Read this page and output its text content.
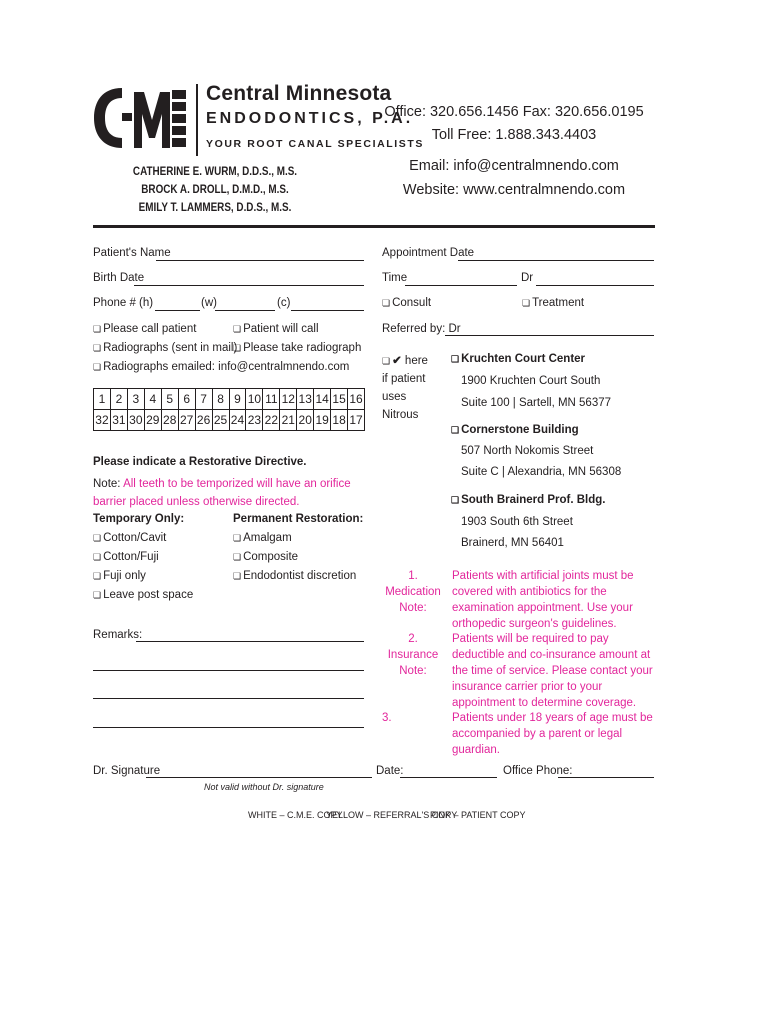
Central Minnesota
ENDODONTICS, P.A.
YOUR ROOT CANAL SPECIALISTS
CATHERINE E. WURM, D.D.S., M.S.
BROCK A. DROLL, D.M.D., M.S.
EMILY T. LAMMERS, D.D.S., M.S.
Office: 320.656.1456 Fax: 320.656.0195
Toll Free: 1.888.343.4403
Email: info@centralmnendo.com
Website: www.centralmnendo.com
Patient's Name
Birth Date
Phone # (h)	(w)	(c)
❏ Please call patient	❏ Patient will call
❏ Radiographs (sent in mail) ❏ Please take radiograph
❏ Radiographs emailed: info@centralmnendo.com
1	2	3	4	5	6	7	8	9	10	11	12	13	14	15	16
32	31	30	29	28	27	26	25	24	23	22	21	20	19	18	17
Please indicate a Restorative Directive.
Note: All teeth to be temporized will have an orifice barrier placed unless otherwise directed.
Temporary Only:
❏ Cotton/Cavit
❏ Cotton/Fuji
❏ Fuji only
❏ Leave post space
Permanent Restoration:
❏ Amalgam
❏ Composite
❏ Endodontist discretion
Remarks:
Appointment Date
Time	Dr
❏ Consult	❏ Treatment
Referred by: Dr
❏ ✔ here
if patient
uses
Nitrous
❏ Kruchten Court Center
1900 Kruchten Court South
Suite 100 | Sartell, MN 56377
❏ Cornerstone Building
507 North Nokomis Street
Suite C | Alexandria, MN 56308
❏ South Brainerd Prof. Bldg.
1903 South 6th Street
Brainerd, MN 56401
1. Medication
Note:
Patients with artificial joints must be covered with antibiotics for the examination appointment. Use your orthopedic surgeon's guidelines.
2. Insurance
Note:
Patients will be required to pay deductible and co-insurance amount at the time of service. Please contact your insurance carrier prior to your appointment to determine coverage.
3.	Patients under 18 years of age must be accompanied by a parent or legal guardian.
Dr. Signature
Not valid without Dr. signature
Date:	Office Phone:
WHITE – C.M.E. COPY
YELLOW – REFERRAL'S COPY
PINK – PATIENT COPY
